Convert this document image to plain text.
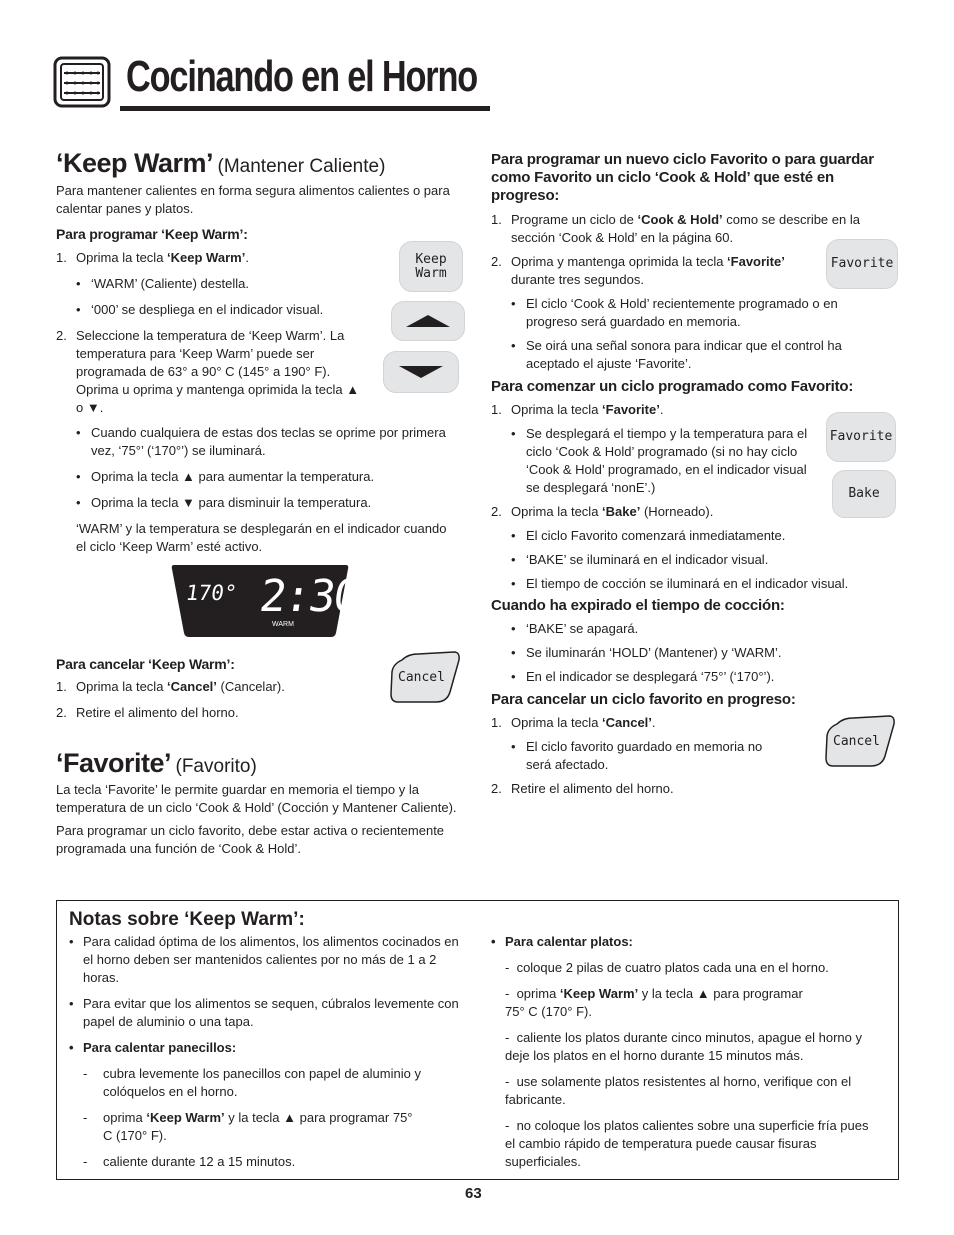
Cocinando en el Horno
‘Keep Warm’ (Mantener Caliente)

Para mantener calientes en forma segura alimentos calientes o para calentar panes y platos.

Para programar ‘Keep Warm’:

1. Oprima la tecla ‘Keep Warm’.
• ‘WARM’ (Caliente) destella.
• ‘000’ se despliega en el indicador visual.
2. Seleccione la temperatura de ‘Keep Warm’. La temperatura para ‘Keep Warm’ puede ser programada de 63° a 90° C (145° a 190° F). Oprima u oprima y mantenga oprimida la tecla ▲ o ▼.
• Cuando cualquiera de estas dos teclas se oprime por primera vez, ‘75°’ (‘170°’) se iluminará.
• Oprima la tecla ▲ para aumentar la temperatura.
• Oprima la tecla ▼ para disminuir la temperatura.

‘WARM’ y la temperatura se desplegarán en el indicador cuando el ciclo ‘Keep Warm’ esté activo.

170° 2:30
WARM

Para cancelar ‘Keep Warm’:

1. Oprima la tecla ‘Cancel’ (Cancelar).
2. Retire el alimento del horno.
‘Favorite’ (Favorito)

La tecla ‘Favorite’ le permite guardar en memoria el tiempo y la temperatura de un ciclo ‘Cook & Hold’ (Cocción y Mantener Caliente).

Para programar un ciclo favorito, debe estar activa o recientemente programada una función de ‘Cook & Hold’.

Keep
Warm
Cancel

Para programar un nuevo ciclo Favorito o para guardar como Favorito un ciclo ‘Cook & Hold’ que esté en progreso:

1. Programe un ciclo de ‘Cook & Hold’ como se describe en la sección ‘Cook & Hold’ en la página 60.
2. Oprima y mantenga oprimida la tecla ‘Favorite’ durante tres segundos.
• El ciclo ‘Cook & Hold’ recientemente programado o en progreso será guardado en memoria.
• Se oirá una señal sonora para indicar que el control ha aceptado el ajuste ‘Favorite’.

Para comenzar un ciclo programado como Favorito:

1. Oprima la tecla ‘Favorite’.
• Se desplegará el tiempo y la temperatura para el ciclo ‘Cook & Hold’ programado (si no hay ciclo ‘Cook & Hold’ programado, en el indicador visual se desplegará ‘nonE’.)
2. Oprima la tecla ‘Bake’ (Horneado).
• El ciclo Favorito comenzará inmediatamente.
• ‘BAKE’ se iluminará en el indicador visual.
• El tiempo de cocción se iluminará en el indicador visual.

Cuando ha expirado el tiempo de cocción:

• ‘BAKE’ se apagará.
• Se iluminarán ‘HOLD’ (Mantener) y ‘WARM’.
• En el indicador se desplegará ‘75°’ (‘170°’).

Para cancelar un ciclo favorito en progreso:

1. Oprima la tecla ‘Cancel’.
• El ciclo favorito guardado en memoria no será afectado.
2. Retire el alimento del horno.
Favorite
Favorite
Bake
Cancel
Notas sobre ‘Keep Warm’:
• Para calidad óptima de los alimentos, los alimentos cocinados en el horno deben ser mantenidos calientes por no más de 1 a 2 horas.
• Para evitar que los alimentos se sequen, cúbralos levemente con papel de aluminio o una tapa.
• Para calentar panecillos:
- cubra levemente los panecillos con papel de aluminio y colóquelos en el horno.
- oprima ‘Keep Warm’ y la tecla ▲ para programar 75° C (170° F).
- caliente durante 12 a 15 minutos.
• Para calentar platos:
-  coloque 2 pilas de cuatro platos cada una en el horno.
-  oprima ‘Keep Warm’ y la tecla ▲ para programar 75° C (170° F).
-  caliente los platos durante cinco minutos, apague el horno y deje los platos en el horno durante 15 minutos más.
-  use solamente platos resistentes al horno, verifique con el fabricante.
-  no coloque los platos calientes sobre una superficie fría pues el cambio rápido de temperatura puede causar fisuras superficiales.
63
